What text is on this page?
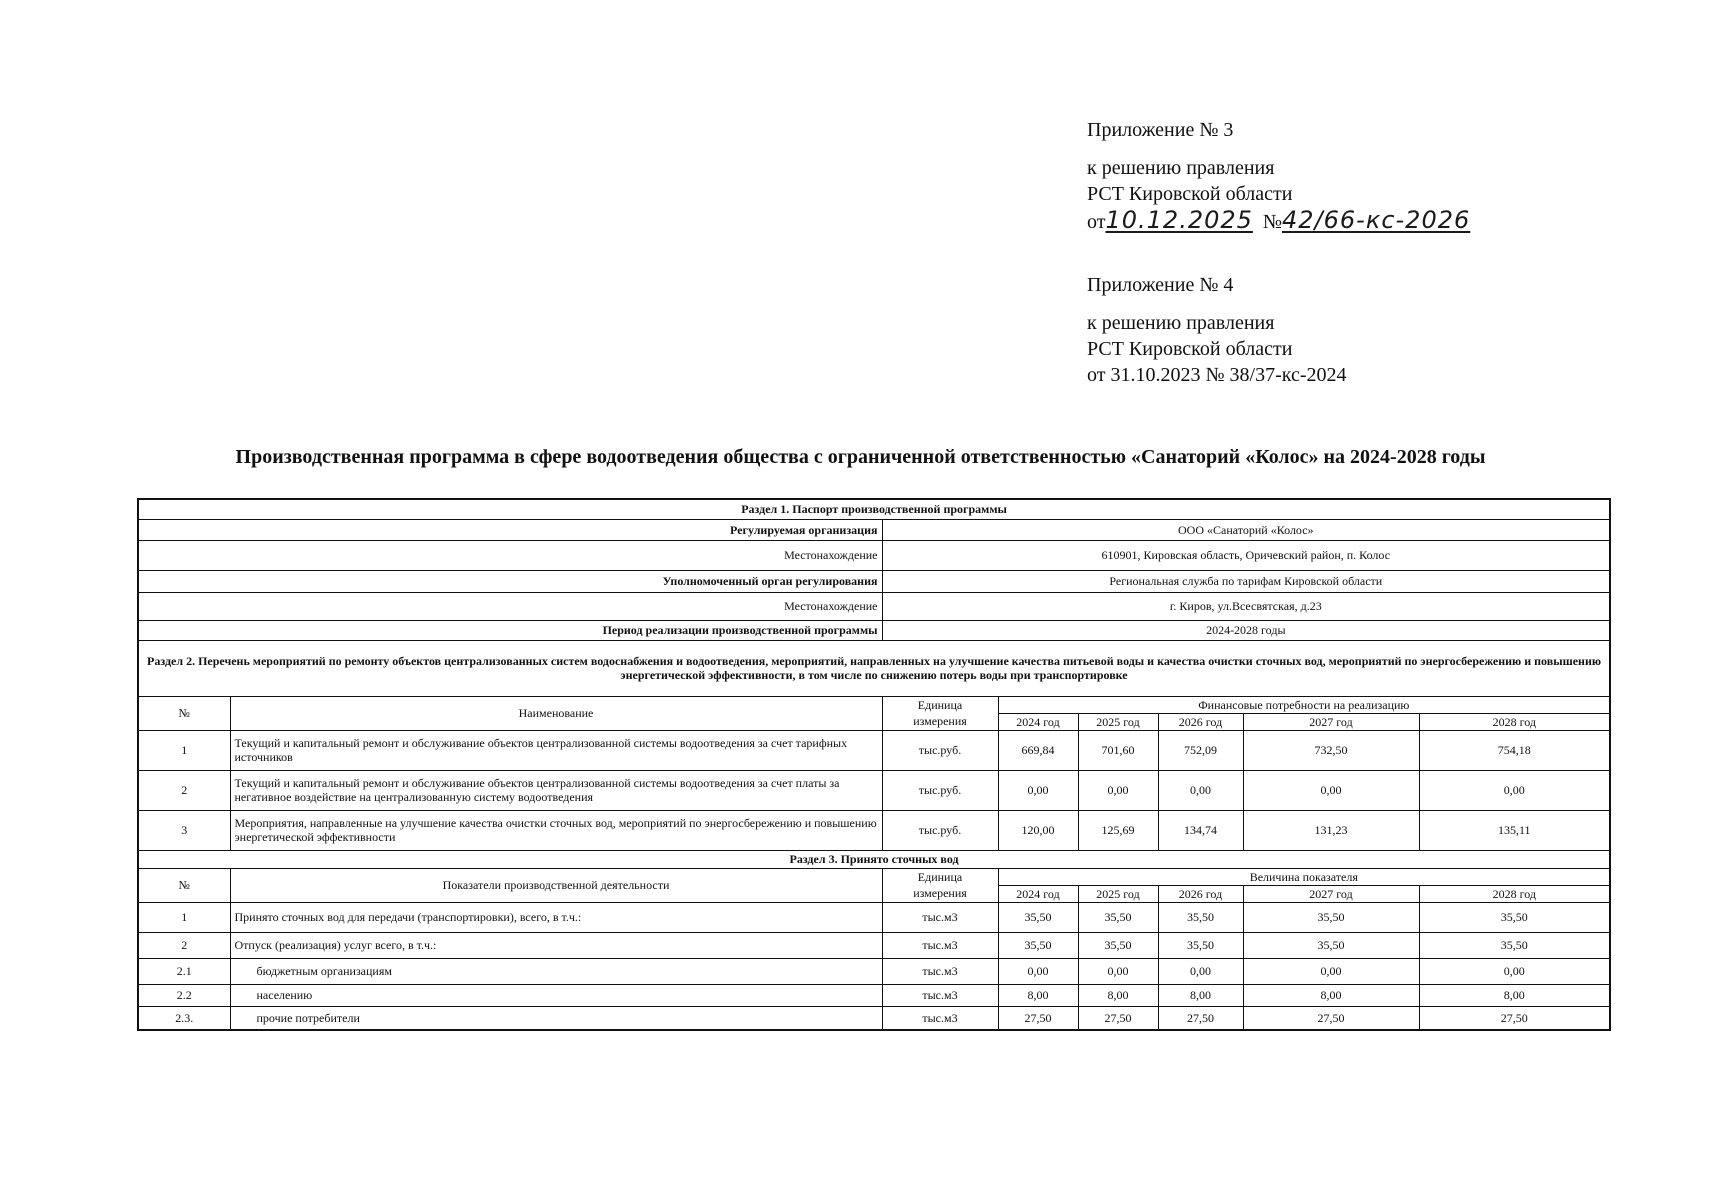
Приложение № 3
к решению правления
РСТ Кировской области
от10.12.2025 №42/66-кс-2026
Приложение № 4
к решению правления
РСТ Кировской области
от 31.10.2023 № 38/37-кс-2024
Производственная программа в сфере водоотведения общества с ограниченной ответственностью «Санаторий «Колос» на 2024-2028 годы
Раздел 1. Паспорт производственной программы							
Регулируемая организация		ООО «Санаторий «Колос»					
Местонахождение		610901, Кировская область, Оричевский район, п. Колос					
Уполномоченный орган регулирования		Региональная служба по тарифам Кировской области					
Местонахождение		г. Киров, ул.Всесвятская, д.23					
Период реализации производственной программы		2024-2028 годы					
Раздел 2. Перечень мероприятий по ремонту объектов централизованных систем водоснабжения и водоотведения, мероприятий, направленных на улучшение качества питьевой воды и качества очистки сточных вод, мероприятий по энергосбережению и повышению энергетической эффективности, в том числе по снижению потерь воды при транспортировке							
№	Наименование	Единица	Финансовые потребности на реализацию				
		измерения	2024 год	2025 год	2026 год	2027 год	2028 год
1	Текущий и капитальный ремонт и обслуживание объектов централизованной системы водоотведения за счет тарифных источников	тыс.руб.	669,84	701,60	752,09	732,50	754,18
2	Текущий и капитальный ремонт и обслуживание объектов централизованной системы водоотведения за счет платы за негативное воздействие на централизованную систему водоотведения	тыс.руб.	0,00	0,00	0,00	0,00	0,00
3	Мероприятия, направленные на улучшение качества очистки сточных вод, мероприятий по энергосбережению и повышению энергетической эффективности	тыс.руб.	120,00	125,69	134,74	131,23	135,11
Раздел 3. Принято сточных вод							
№	Показатели производственной деятельности	Единица	Величина показателя				
		измерения	2024 год	2025 год	2026 год	2027 год	2028 год
1	Принято сточных вод для передачи (транспортировки), всего, в т.ч.:	тыс.м3	35,50	35,50	35,50	35,50	35,50
2	Отпуск (реализация) услуг всего, в т.ч.:	тыс.м3	35,50	35,50	35,50	35,50	35,50
2.1	бюджетным организациям	тыс.м3	0,00	0,00	0,00	0,00	0,00
2.2	населению	тыс.м3	8,00	8,00	8,00	8,00	8,00
2.3.	прочие потребители	тыс.м3	27,50	27,50	27,50	27,50	27,50
